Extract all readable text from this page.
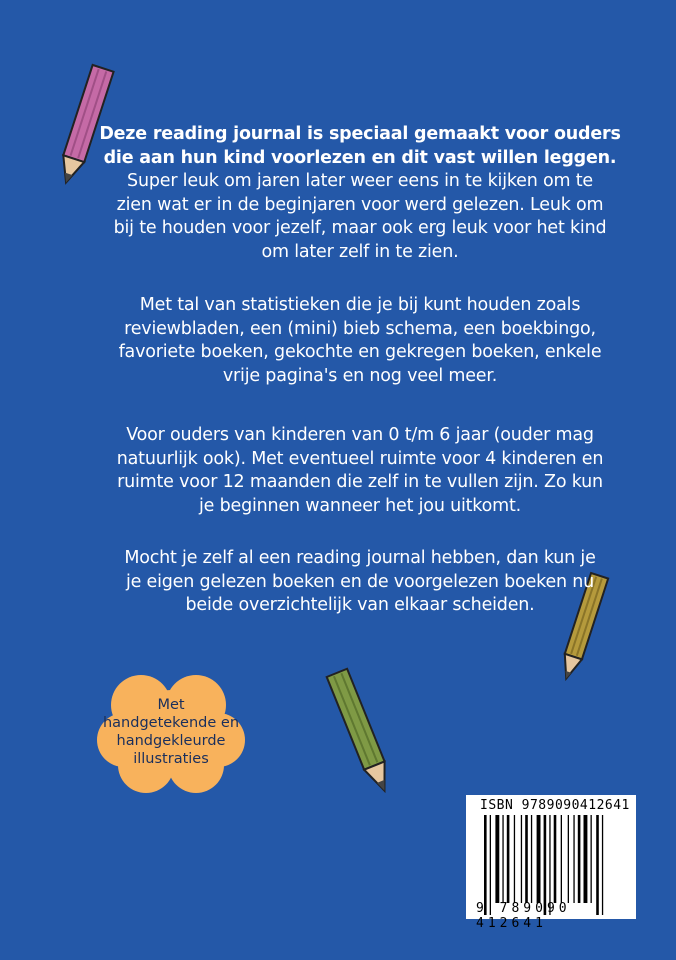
Deze reading journal is speciaal gemaakt voor ouders
die aan hun kind voorlezen en dit vast willen leggen.
Super leuk om jaren later weer eens in te kijken om te
zien wat er in de beginjaren voor werd gelezen. Leuk om
bij te houden voor jezelf, maar ook erg leuk voor het kind
om later zelf in te zien.
Met tal van statistieken die je bij kunt houden zoals
reviewbladen, een (mini) bieb schema, een boekbingo,
favoriete boeken, gekochte en gekregen boeken, enkele
vrije pagina's en nog veel meer.
Voor ouders van kinderen van 0 t/m 6 jaar (ouder mag
natuurlijk ook). Met eventueel ruimte voor 4 kinderen en
ruimte voor 12 maanden die zelf in te vullen zijn. Zo kun
je beginnen wanneer het jou uitkomt.
Mocht je zelf al een reading journal hebben, dan kun je
je eigen gelezen boeken en de voorgelezen boeken nu
beide overzichtelijk van elkaar scheiden.
Met
handgetekende en
handgekleurde
illustraties
ISBN 9789090412641
9 789090 412641
